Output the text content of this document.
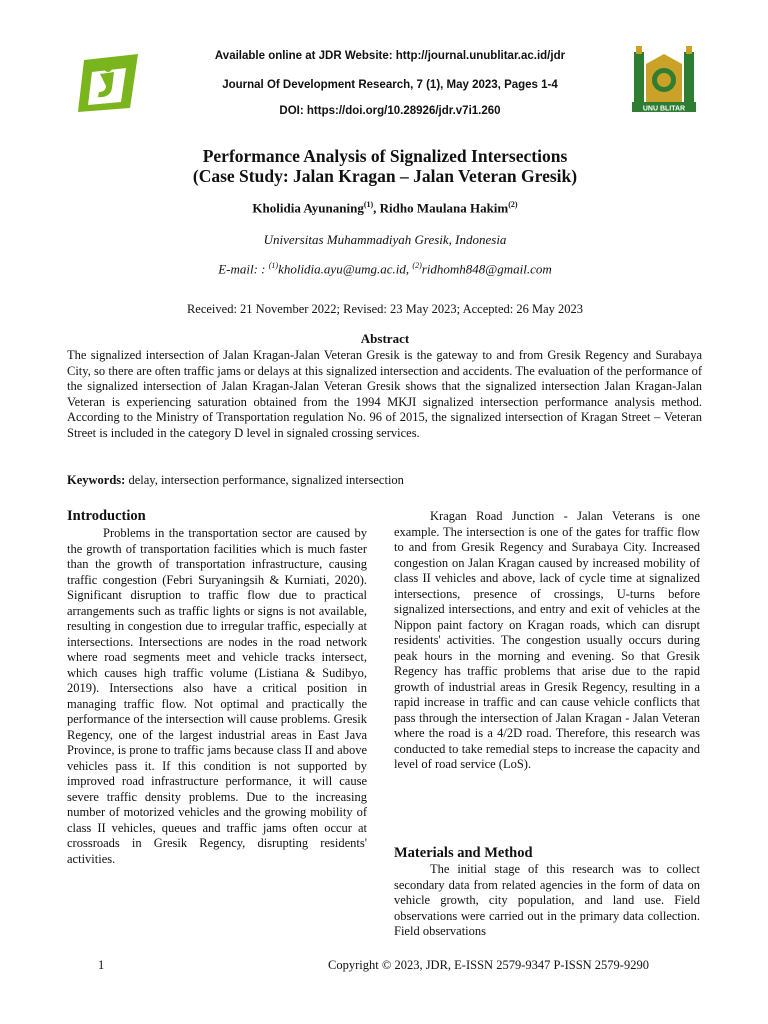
Available online at JDR Website: http://journal.unublitar.ac.id/jdr
Journal Of Development Research, 7 (1), May 2023, Pages 1-4
DOI: https://doi.org/10.28926/jdr.v7i1.260	UNU BLITAR
Performance Analysis of Signalized Intersections
(Case Study: Jalan Kragan – Jalan Veteran Gresik)
Kholidia Ayunaning$^{(1)}$, Ridho Maulana Hakim$^{(2)}$
Universitas Muhammadiyah Gresik, Indonesia
E-mail: : $^{(1)}$kholidia.ayu@umg.ac.id, $^{(2)}$ridhomh848@gmail.com
Received: 21 November 2022; Revised: 23 May 2023; Accepted: 26 May 2023
Abstract
The signalized intersection of Jalan Kragan-Jalan Veteran Gresik is the gateway to and from Gresik Regency and Surabaya City, so there are often traffic jams or delays at this signalized intersection and accidents. The evaluation of the performance of the signalized intersection of Jalan Kragan-Jalan Veteran Gresik shows that the signalized intersection Jalan Kragan-Jalan Veteran is experiencing saturation obtained from the 1994 MKJI signalized intersection performance analysis method. According to the Ministry of Transportation regulation No. 96 of 2015, the signalized intersection of Kragan Street – Veteran Street is included in the category D level in signaled crossing services.
Keywords: delay, intersection performance, signalized intersection
Introduction

Problems in the transportation sector are caused by the growth of transportation facilities which is much faster than the growth of transportation infrastructure, causing traffic congestion (Febri Suryaningsih & Kurniati, 2020). Significant disruption to traffic flow due to practical arrangements such as traffic lights or signs is not available, resulting in congestion due to irregular traffic, especially at intersections. Intersections are nodes in the road network where road segments meet and vehicle tracks intersect, which causes high traffic volume (Listiana & Sudibyo, 2019). Intersections also have a critical position in managing traffic flow. Not optimal and practically the performance of the intersection will cause problems. Gresik Regency, one of the largest industrial areas in East Java Province, is prone to traffic jams because class II and above vehicles pass it. If this condition is not supported by improved road infrastructure performance, it will cause severe traffic density problems. Due to the increasing number of motorized vehicles and the growing mobility of class II vehicles, queues and traffic jams often occur at crossroads in Gresik Regency, disrupting residents' activities.

Kragan Road Junction - Jalan Veterans is one example. The intersection is one of the gates for traffic flow to and from Gresik Regency and Surabaya City. Increased congestion on Jalan Kragan caused by increased mobility of class II vehicles and above, lack of cycle time at signalized intersections, presence of crossings, U-turns before signalized intersections, and entry and exit of vehicles at the Nippon paint factory on Kragan roads, which can disrupt residents' activities. The congestion usually occurs during peak hours in the morning and evening. So that Gresik Regency has traffic problems that arise due to the rapid growth of industrial areas in Gresik Regency, resulting in a rapid increase in traffic and can cause vehicle conflicts that pass through the intersection of Jalan Kragan - Jalan Veteran where the road is a 4/2D road. Therefore, this research was conducted to take remedial steps to increase the capacity and level of road service (LoS).

Materials and Method

The initial stage of this research was to collect secondary data from related agencies in the form of data on vehicle growth, city population, and land use. Field observations were carried out in the primary data collection. Field observations

1	Copyright © 2023, JDR, E-ISSN 2579-9347 P-ISSN 2579-9290
